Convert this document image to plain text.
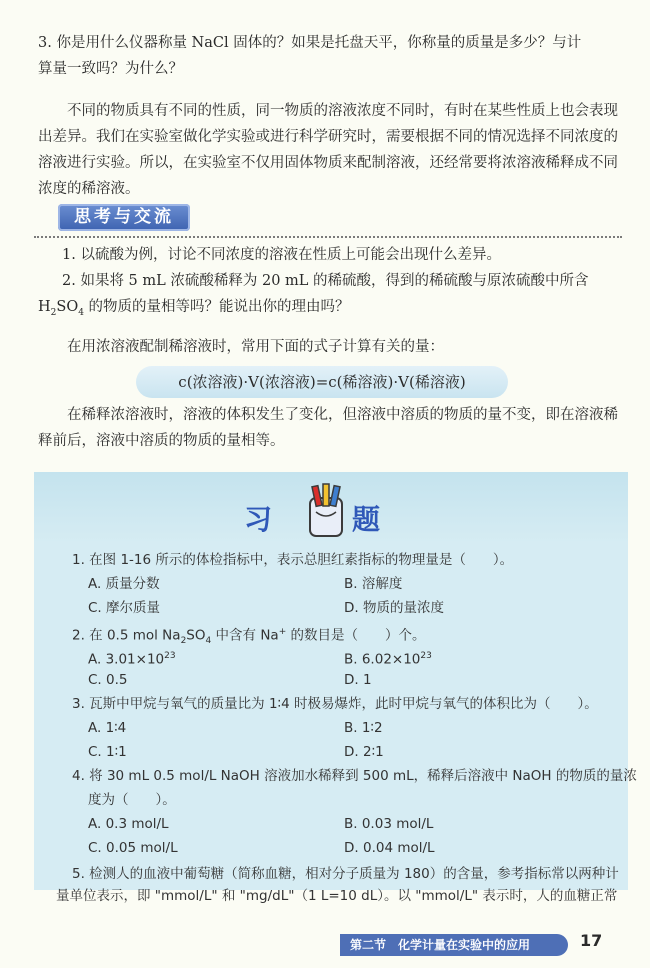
3. 你是用什么仪器称量 NaCl 固体的？如果是托盘天平，你称量的质量是多少？与计
算量一致吗？为什么？
不同的物质具有不同的性质，同一物质的溶液浓度不同时，有时在某些性质上也会表现出差异。我们在实验室做化学实验或进行科学研究时，需要根据不同的情况选择不同浓度的溶液进行实验。所以，在实验室不仅用固体物质来配制溶液，还经常要将浓溶液稀释成不同浓度的稀溶液。
思考与交流
1. 以硫酸为例，讨论不同浓度的溶液在性质上可能会出现什么差异。
2. 如果将 5 mL 浓硫酸稀释为 20 mL 的稀硫酸，得到的稀硫酸与原浓硫酸中所含
$H_2SO_4$ 的物质的量相等吗？能说出你的理由吗？
在用浓溶液配制稀溶液时，常用下面的式子计算有关的量：
c(浓溶液)·V(浓溶液)=c(稀溶液)·V(稀溶液)
在稀释浓溶液时，溶液的体积发生了变化，但溶液中溶质的物质的量不变，即在溶液稀释前后，溶液中溶质的物质的量相等。
习	题
1. 在图 1-16 所示的体检指标中，表示总胆红素指标的物理量是（　　）。
A. 质量分数	B. 溶解度
C. 摩尔质量	D. 物质的量浓度
2. 在 0.5 mol $Na_2SO_4$ 中含有 Na+ 的数目是（　　）个。
A. $3.01\times 10^{23}$	B. $6.02\times 10^{23}$
C. 0.5	D. 1
3. 瓦斯中甲烷与氧气的质量比为 1∶4 时极易爆炸，此时甲烷与氧气的体积比为（　　）。
A. 1∶4	B. 1∶2
C. 1∶1	D. 2∶1
4. 将 30 mL 0.5 mol/L NaOH 溶液加水稀释到 500 mL，稀释后溶液中 NaOH 的物质的量浓
度为（　　）。
A. 0.3 mol/L	B. 0.03 mol/L
C. 0.05 mol/L	D. 0.04 mol/L
5. 检测人的血液中葡萄糖（简称血糖，相对分子质量为 180）的含量，参考指标常以两种计
量单位表示，即 "mmol/L" 和 "mg/dL"（1 L=10 dL）。以 "mmol/L" 表示时，人的血糖正常
第二节　化学计量在实验中的应用	17
